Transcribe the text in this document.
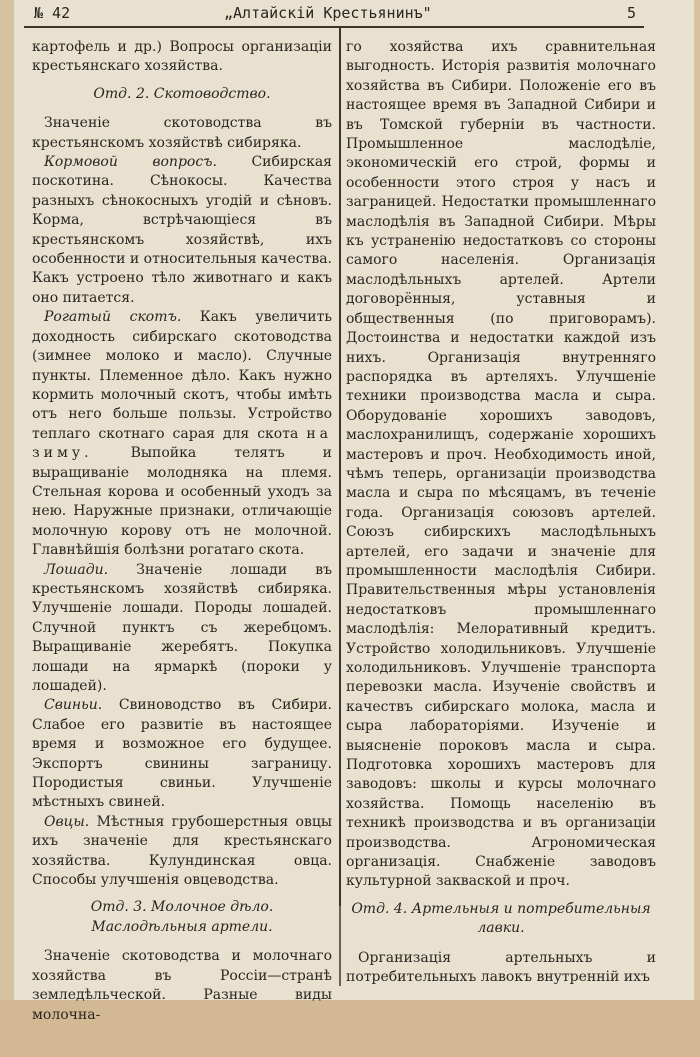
№ 42	„Алтайскій Крестьянинъ"	5

картофель и др.) Вопросы организаціи крестьянскаго хозяйства.

Отд. 2. Скотоводство.

Значеніе скотоводства въ крестьянскомъ хозяйствѣ сибиряка.

Кормовой вопросъ. Сибирская поскотина. Сѣнокосы. Качества разныхъ сѣнокосныхъ угодій и сѣновъ. Корма, встрѣчающіеся въ крестьянскомъ хозяйствѣ, ихъ особенности и относительныя качества. Какъ устроено тѣло животнаго и какъ оно питается.

Рогатый скотъ. Какъ увеличить доходность сибирскаго скотоводства (зимнее молоко и масло). Случные пункты. Племенное дѣло. Какъ нужно кормить молочный скотъ, чтобы имѣть отъ него больше пользы. Устройство теплаго скотнаго сарая для скота на зиму. Выпойка телятъ и выращиваніе молодняка на племя. Стельная корова и особенный уходъ за нею. Наружные признаки, отличающіе молочную корову отъ не молочной. Главнѣйшія болѣзни рогатаго скота.

Лошади. Значеніе лошади въ крестьянскомъ хозяйствѣ сибиряка. Улучшеніе лошади. Породы лошадей. Случной пунктъ съ жеребцомъ. Выращиваніе жеребятъ. Покупка лошади на ярмаркѣ (пороки у лошадей).

Свиньи. Свиноводство въ Сибири. Слабое его развитіе въ настоящее время и возможное его будущее. Экспортъ свинины заграницу. Породистыя свиньи. Улучшеніе мѣстныхъ свиней.

Овцы. Мѣстныя грубошерстныя овцы ихъ значеніе для крестьянскаго хозяйства. Кулундинская овца. Способы улучшенія овцеводства.

Отд. 3. Молочное дѣло. Маслодѣльныя артели.

Значеніе скотоводства и молочнаго хозяйства въ Россіи—странѣ земледѣльческой. Разные виды молочна-

го хозяйства ихъ сравнительная выгодность. Исторія развитія молочнаго хозяйства въ Сибири. Положеніе его въ настоящее время въ Западной Сибири и въ Томской губерніи въ частности. Промышленное маслодѣліе, экономическій его строй, формы и особенности этого строя у насъ и заграницей. Недостатки промышленнаго маслодѣлія въ Западной Сибири. Мѣры къ устраненію недостатковъ со стороны самого населенія. Организація маслодѣльныхъ артелей. Артели договорённыя, уставныя и общественныя (по приговорамъ). Достоинства и недостатки каждой изъ нихъ. Организація внутренняго распорядка въ артеляхъ. Улучшеніе техники производства масла и сыра. Оборудованіе хорошихъ заводовъ, маслохранилищъ, содержаніе хорошихъ мастеровъ и проч. Необходимость иной, чѣмъ теперь, организаціи производства масла и сыра по мѣсяцамъ, въ теченіе года. Организація союзовъ артелей. Союзъ сибирскихъ маслодѣльныхъ артелей, его задачи и значеніе для промышленности маслодѣлія Сибири. Правительственныя мѣры установленія недостатковъ промышленнаго маслодѣлія: Мелоративный кредитъ. Устройство холодильниковъ. Улучшеніе холодильниковъ. Улучшеніе транспорта перевозки масла. Изученіе свойствъ и качествъ сибирскаго молока, масла и сыра лабораторіями. Изученіе и выясненіе пороковъ масла и сыра. Подготовка хорошихъ мастеровъ для заводовъ: школы и курсы молочнаго хозяйства. Помощь населенію въ техникѣ производства и въ организаціи производства. Агрономическая организація. Снабженіе заводовъ культурной закваской и проч.

Отд. 4. Артельныя и потребительныя лавки.

Организація артельныхъ и потребительныхъ лавокъ внутренній ихъ
